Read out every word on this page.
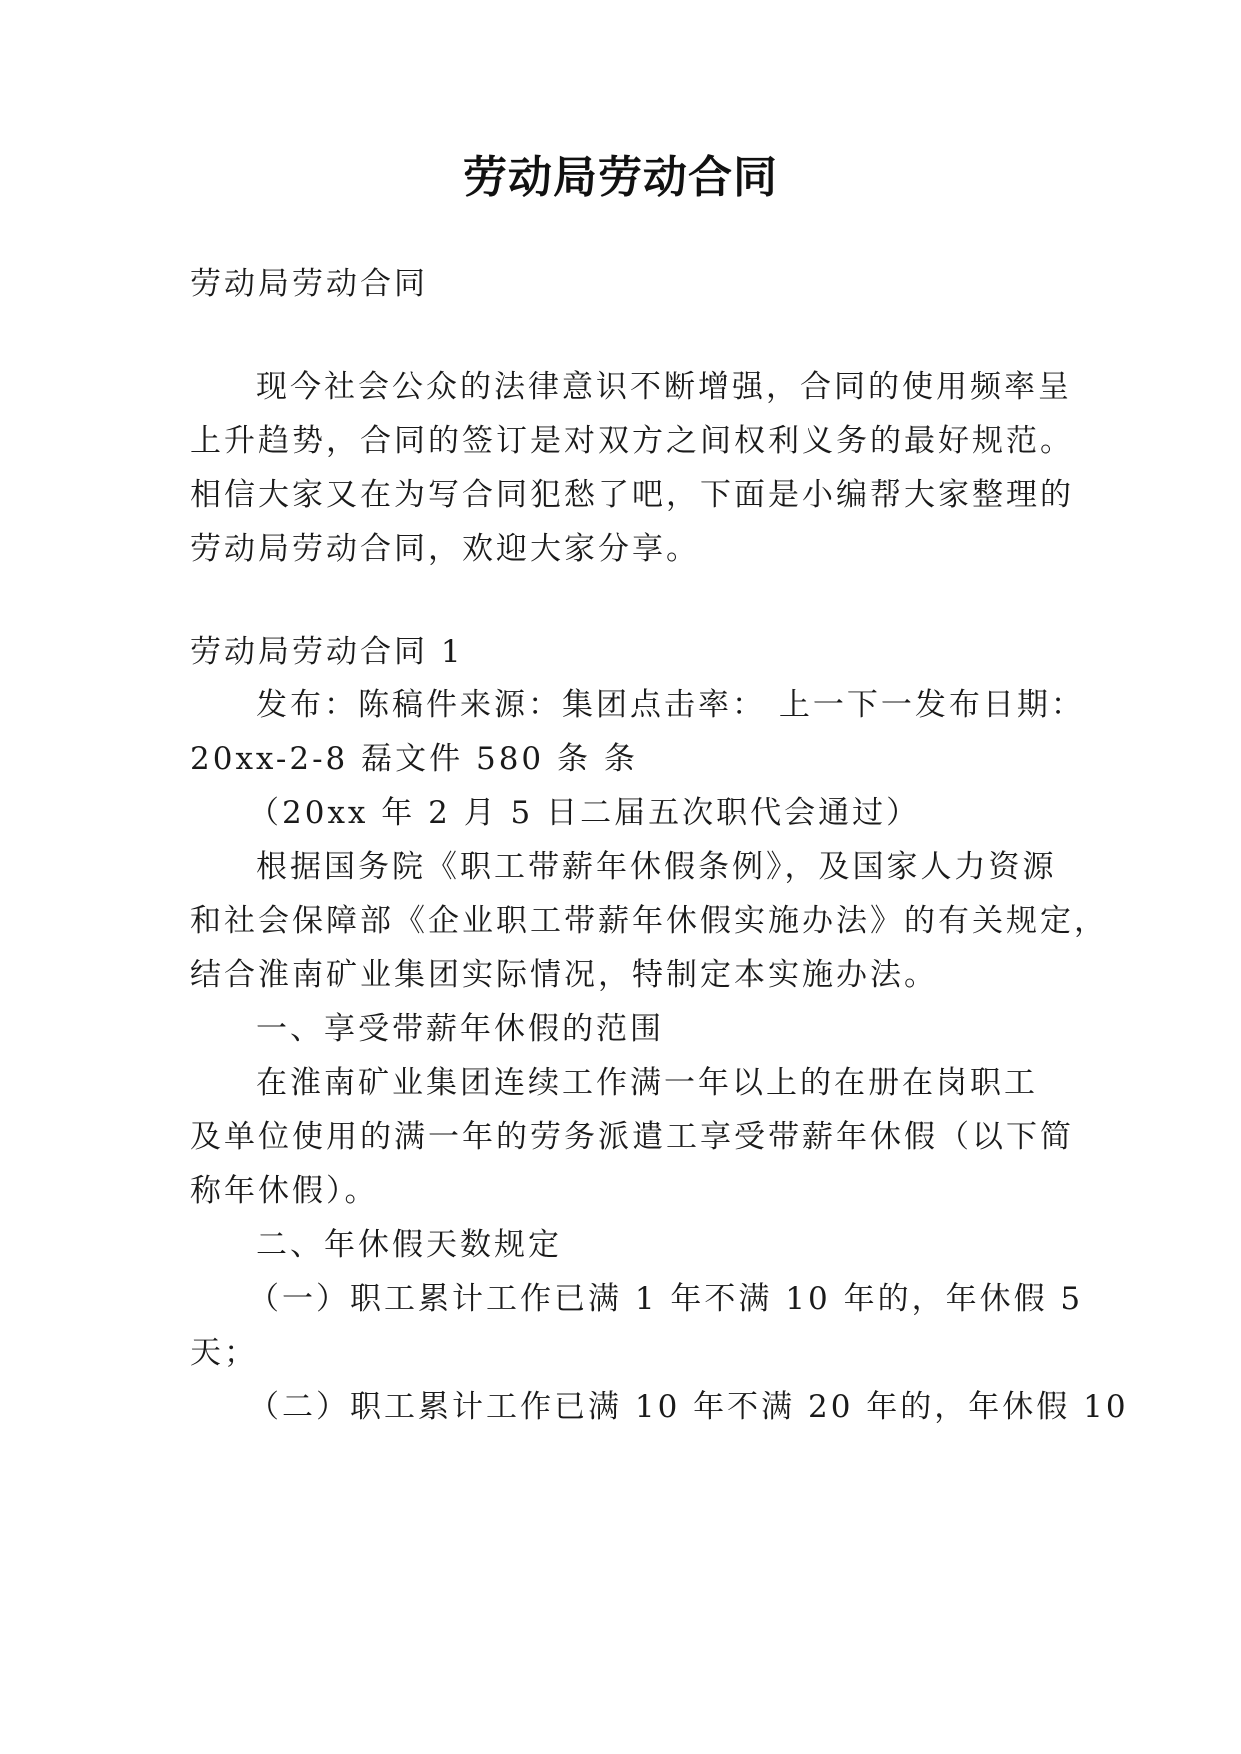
劳动局劳动合同
劳动局劳动合同
现今社会公众的法律意识不断增强，合同的使用频率呈
上升趋势，合同的签订是对双方之间权利义务的最好规范。
相信大家又在为写合同犯愁了吧，下面是小编帮大家整理的
劳动局劳动合同，欢迎大家分享。
劳动局劳动合同 1
发布：陈稿件来源：集团点击率： 上一下一发布日期：
20xx-2-8 磊文件 580 条 条
（20xx 年 2 月 5 日二届五次职代会通过）
根据国务院《职工带薪年休假条例》，及国家人力资源
和社会保障部《企业职工带薪年休假实施办法》的有关规定，
结合淮南矿业集团实际情况，特制定本实施办法。
一、享受带薪年休假的范围
在淮南矿业集团连续工作满一年以上的在册在岗职工
及单位使用的满一年的劳务派遣工享受带薪年休假（以下简
称年休假）。
二、年休假天数规定
（一）职工累计工作已满 1 年不满 10 年的，年休假 5
天；
（二）职工累计工作已满 10 年不满 20 年的，年休假 10
